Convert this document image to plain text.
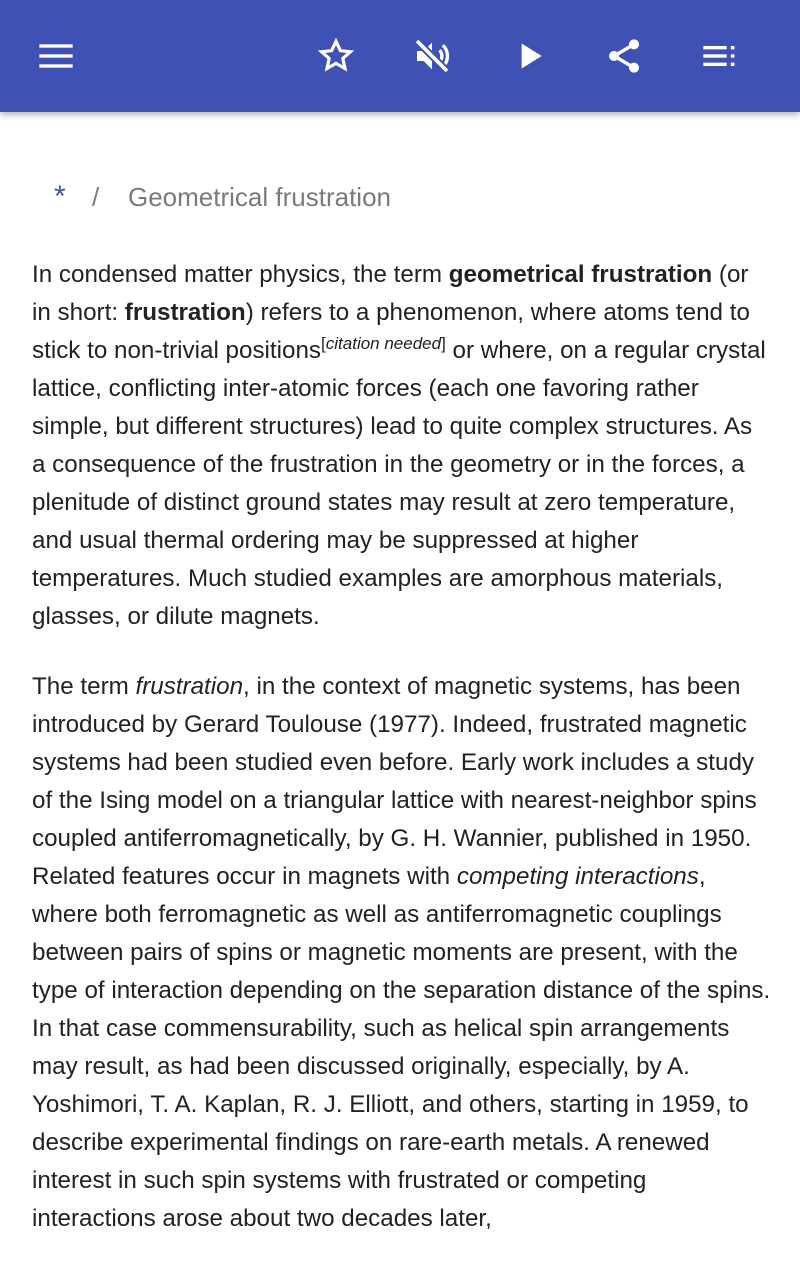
* / Geometrical frustration

In condensed matter physics, the term geometrical frustration (or in short: frustration) refers to a phenomenon, where atoms tend to stick to non-trivial positions[citation needed] or where, on a regular crystal lattice, conflicting inter-atomic forces (each one favoring rather simple, but different structures) lead to quite complex structures. As a consequence of the frustration in the geometry or in the forces, a plenitude of distinct ground states may result at zero temperature, and usual thermal ordering may be suppressed at higher temperatures. Much studied examples are amorphous materials, glasses, or dilute magnets.

The term frustration, in the context of magnetic systems, has been introduced by Gerard Toulouse (1977). Indeed, frustrated magnetic systems had been studied even before. Early work includes a study of the Ising model on a triangular lattice with nearest-neighbor spins coupled antiferromagnetically, by G. H. Wannier, published in 1950. Related features occur in magnets with competing interactions, where both ferromagnetic as well as antiferromagnetic couplings between pairs of spins or magnetic moments are present, with the type of interaction depending on the separation distance of the spins. In that case commensurability, such as helical spin arrangements may result, as had been discussed originally, especially, by A. Yoshimori, T. A. Kaplan, R. J. Elliott, and others, starting in 1959, to describe experimental findings on rare-earth metals. A renewed interest in such spin systems with frustrated or competing interactions arose about two decades later,
